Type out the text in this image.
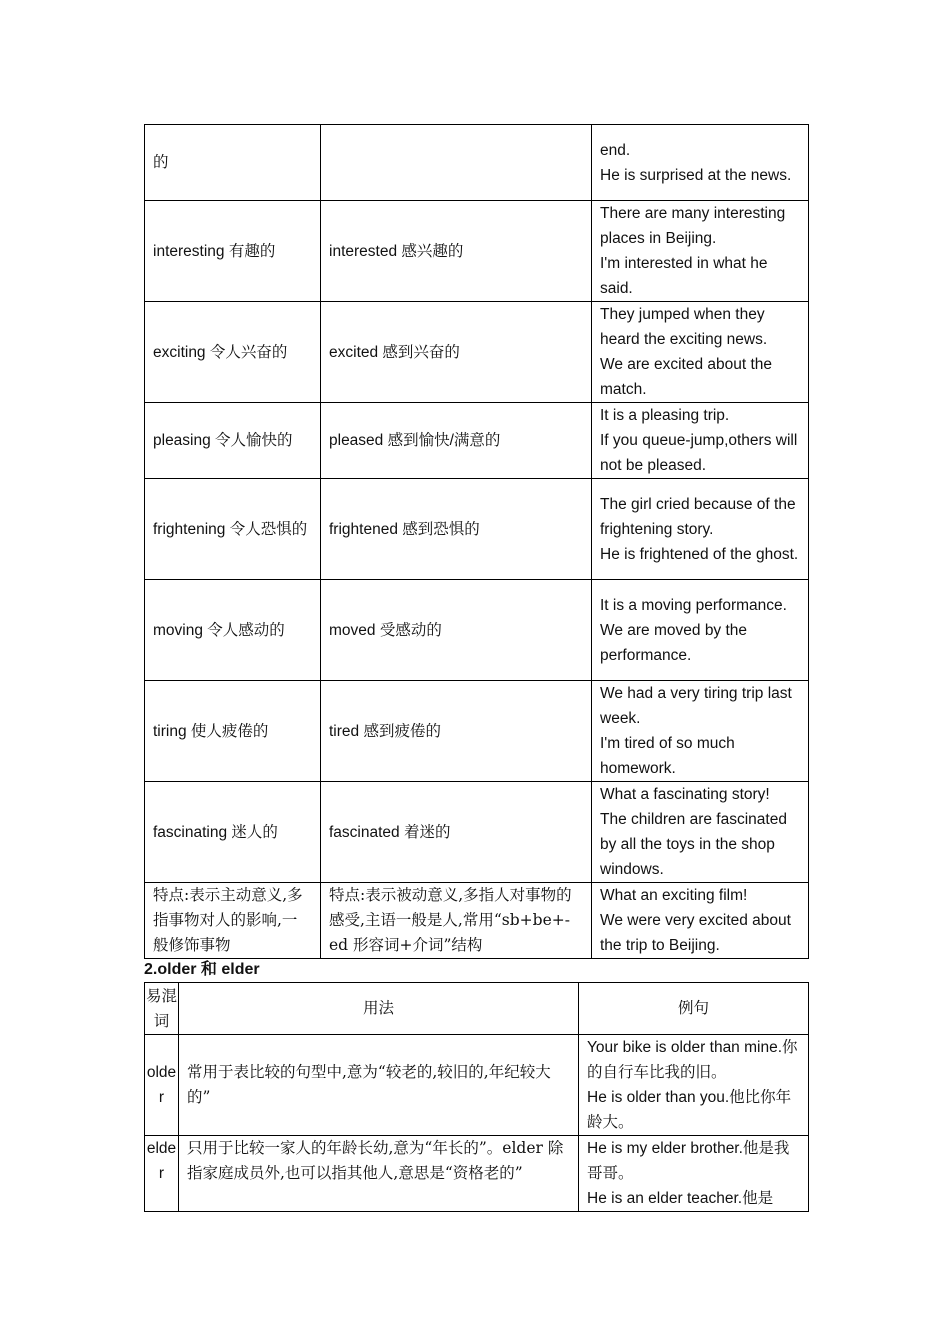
的		end.
He is surprised at the news.

interesting 有趣的	interested 感兴趣的	There are many interesting places in Beijing.
I'm interested in what he said.

exciting 令人兴奋的	excited 感到兴奋的	They jumped when they heard the exciting news.
We are excited about the match.

pleasing 令人愉快的	pleased 感到愉快/满意的	It is a pleasing trip.
If you queue-jump,others will not be pleased.

frightening 令人恐惧的	frightened 感到恐惧的	The girl cried because of the frightening story.
He is frightened of the ghost.

moving 令人感动的	moved 受感动的	It is a moving performance.
We are moved by the performance.

tiring 使人疲倦的	tired 感到疲倦的	We had a very tiring trip last week.
I'm tired of so much homework.

fascinating 迷人的	fascinated 着迷的	What a fascinating story!
The children are fascinated by all the toys in the shop windows.

特点:表示主动意义,多指事物对人的影响,一般修饰事物	特点:表示被动意义,多指人对事物的感受,主语一般是人,常用“sb+be+-ed 形容词+介词”结构	What an exciting film!
We were very excited about the trip to Beijing.
2.older 和 elder
易混词	用法	例句
older	常用于表比较的句型中,意为“较老的,较旧的,年纪较大的”	Your bike is older than mine.你的自行车比我的旧。
He is older than you.他比你年龄大。

elder	只用于比较一家人的年龄长幼,意为“年长的”。elder 除指家庭成员外,也可以指其他人,意思是“资格老的”	He is my elder brother.他是我哥哥。
He is an elder teacher.他是
